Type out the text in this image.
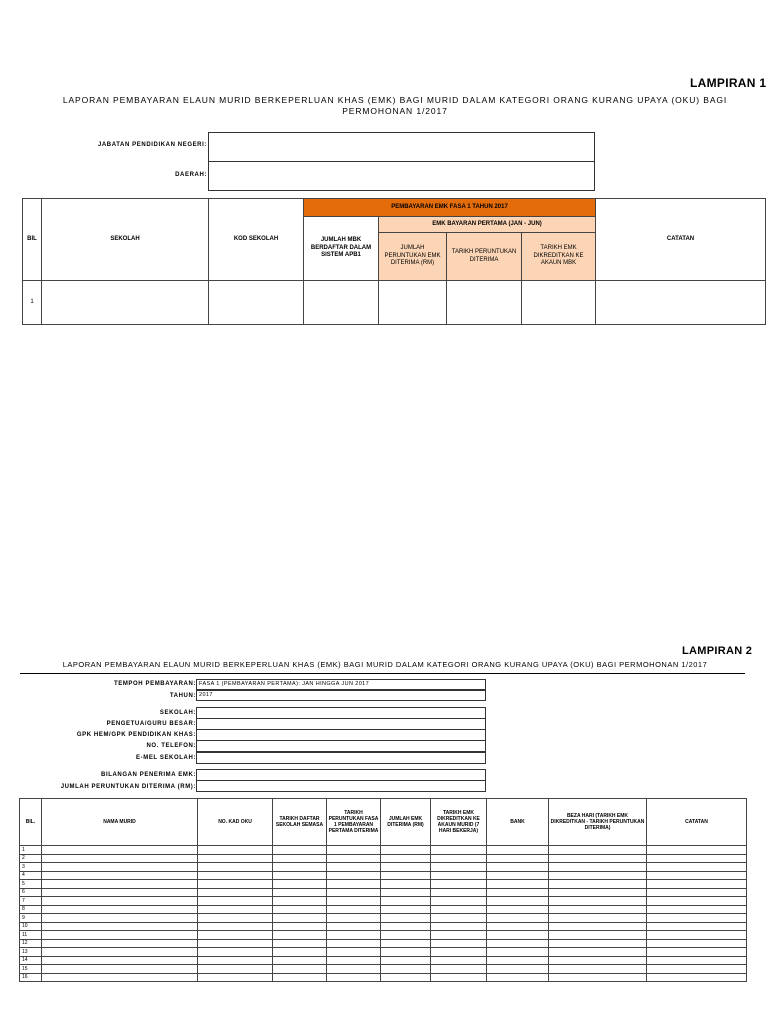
LAMPIRAN 1
LAPORAN PEMBAYARAN ELAUN MURID BERKEPERLUAN KHAS (EMK) BAGI MURID DALAM KATEGORI ORANG KURANG UPAYA (OKU) BAGI PERMOHONAN 1/2017
JABATAN PENDIDIKAN NEGERI:
DAERAH:
BIL	SEKOLAH	KOD SEKOLAH	PEMBAYARAN EMK FASA 1 TAHUN 2017				CATATAN
			JUMLAH MBK BERDAFTAR DALAM SISTEM APB1	EMK BAYARAN PERTAMA (JAN - JUN)			
				JUMLAH PERUNTUKAN EMK DITERIMA (RM)	TARIKH PERUNTUKAN DITERIMA	TARIKH EMK DIKREDITKAN KE AKAUN MBK	
1							
LAMPIRAN 2
LAPORAN PEMBAYARAN ELAUN MURID BERKEPERLUAN KHAS (EMK) BAGI MURID DALAM KATEGORI ORANG KURANG UPAYA (OKU) BAGI PERMOHONAN 1/2017
TEMPOH PEMBAYARAN: FASA 1 (PEMBAYARAN PERTAMA): JAN HINGGA JUN 2017
TAHUN: 2017
SEKOLAH:
PENGETUA/GURU BESAR:
GPK HEM/GPK PENDIDIKAN KHAS:
NO. TELEFON:
E-MEL SEKOLAH:
BILANGAN PENERIMA EMK:
JUMLAH PERUNTUKAN DITERIMA (RM):
BIL.	NAMA MURID	NO. KAD OKU	TARIKH DAFTAR SEKOLAH SEMASA	TARIKH PERUNTUKAN FASA 1 PEMBAYARAN PERTAMA DITERIMA	JUMLAH EMK DITERIMA (RM)	TARIKH EMK DIKREDITKAN KE AKAUN MURID (7 HARI BEKERJA)	BANK	BEZA HARI (TARIKH EMK DIKREDITKAN - TARIKH PERUNTUKAN DITERIMA)	CATATAN
1									
2									
3									
4									
5									
6									
7									
8									
9									
10									
11									
12									
13									
14									
15									
16									
